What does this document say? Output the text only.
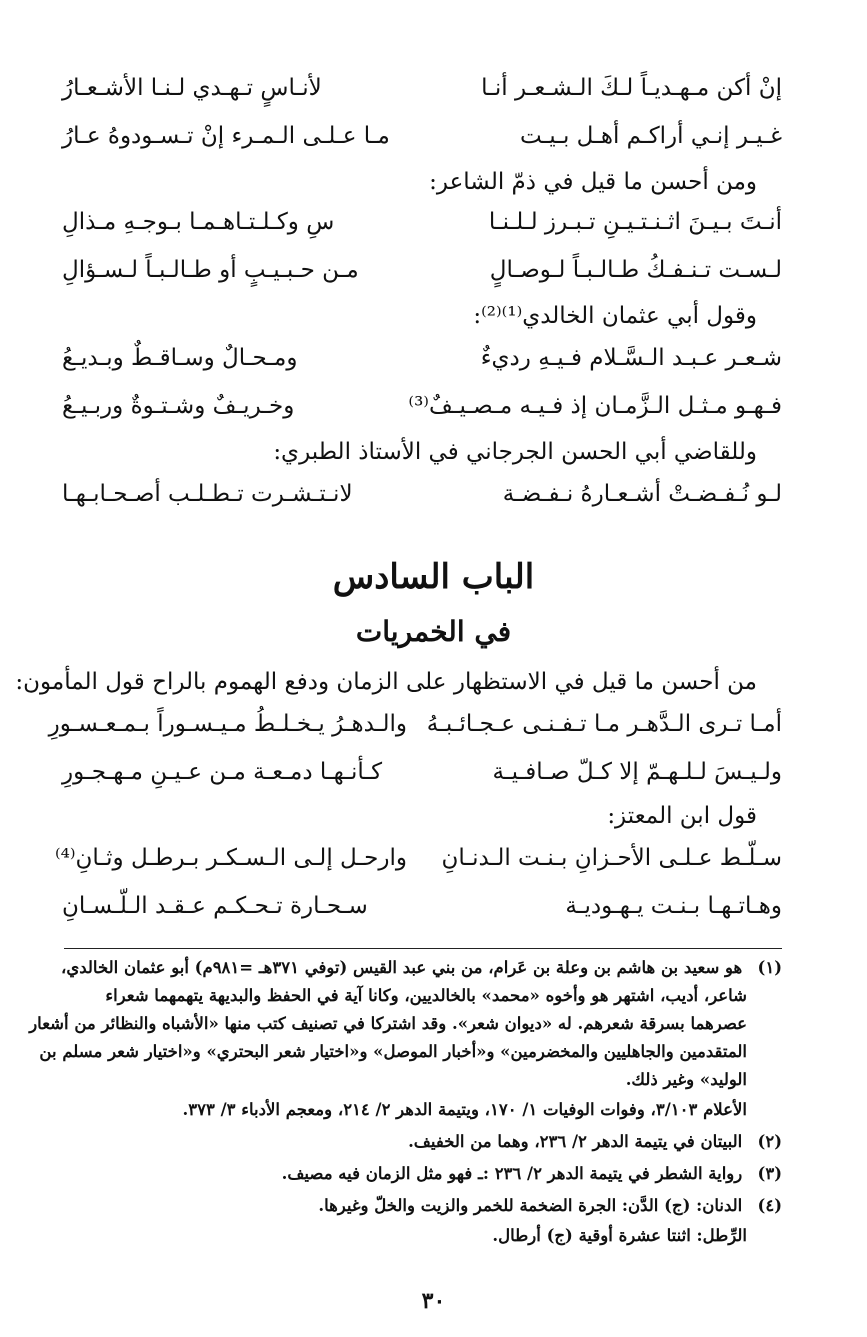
إنْ أكن مـهـديـاً لـكَ الـشـعـر أنـا
لأنـاسٍ تـهـدي لـنـا الأشـعـارُ
غـيـر إنـي أراكـم أهـل بـيـت
مـا عـلـى الـمـرء إنْ تـسـودوهُ عـارُ
ومن أحسن ما قيل في ذمّ الشاعر:
أنـتَ بـيـنَ اثـنـتـيـنِ تـبـرز لـلـنـا
سِ وكـلـتـاهـمـا بـوجـهِ مـذالِ
لـسـت تـنـفـكُ طـالـبـاً لـوصـالٍ
مـن حـبـيـبٍ أو طـالـبـاً لـسـؤالِ
وقول أبي عثمان الخالدي⁽¹⁾⁽²⁾:
شـعـر عـبـد الـسَّـلام فـيـهِ رديءٌ
ومـحـالٌ وسـاقـطٌ وبـديـعُ
فـهـو مـثـل الـزَّمـان إذ فـيـه مـصـيـفٌ⁽³⁾
وخـريـفٌ وشـتـوةٌ وربـيـعُ
وللقاضي أبي الحسن الجرجاني في الأستاذ الطبري:
لـو نُـفـضـتْ أشـعـارهُ نـفـضـة
لانـتـشـرت تـطـلـب أصـحـابـهـا
الباب السادس
في الخمريات
من أحسن ما قيل في الاستظهار على الزمان ودفع الهموم بالراح قول المأمون:
أمـا تـرى الـدَّهـر مـا تـفـنـى عـجـائـبـهُ
والـدهـرُ يـخـلـطُ مـيـسـوراً بـمـعـسـورِ
ولـيـسَ لـلـهـمّ إلا كـلّ صـافـيـة
كـأنـهـا دمـعـة مـن عـيـنِ مـهـجـورِ
قول ابن المعتز:
سـلّـط عـلـى الأحـزانِ بـنـت الـدنـانِ
وارحـل إلـى الـسـكـر بـرطـل وثـانِ⁽⁴⁾
وهـاتـهـا بـنـت يـهـوديـة
سـحـارة تـحـكـم عـقـد الـلّـسـانِ
(١) هو سعيد بن هاشم بن وعلة بن عَرام، من بني عبد القيس (توفي ٣٧١هـ =٩٨١م) أبو عثمان الخالدي،
شاعر، أديب، اشتهر هو وأخوه «محمد» بالخالديين، وكانا آية في الحفظ والبديهة يتهمهما شعراء
عصرهما بسرقة شعرهم. له «ديوان شعر». وقد اشتركا في تصنيف كتب منها «الأشباه والنظائر من أشعار
المتقدمين والجاهليين والمخضرمين» و«أخبار الموصل» و«اختيار شعر البحتري» و«اختيار شعر مسلم بن
الوليد» وغير ذلك.
الأعلام ٣/١٠٣، وفوات الوفيات ١/ ١٧٠، ويتيمة الدهر ٢/ ٢١٤، ومعجم الأدباء ٣/ ٣٧٣.
(٢) البيتان في يتيمة الدهر ٢/ ٢٣٦، وهما من الخفيف.
(٣) رواية الشطر في يتيمة الدهر ٢/ ٢٣٦ :ـ فهو مثل الزمان فيه مصيف.
(٤) الدنان: (ج) الدَّن: الجرة الضخمة للخمر والزيت والخلّ وغيرها.
الرِّطل: اثنتا عشرة أوقية (ج) أرطال.
٣٠
